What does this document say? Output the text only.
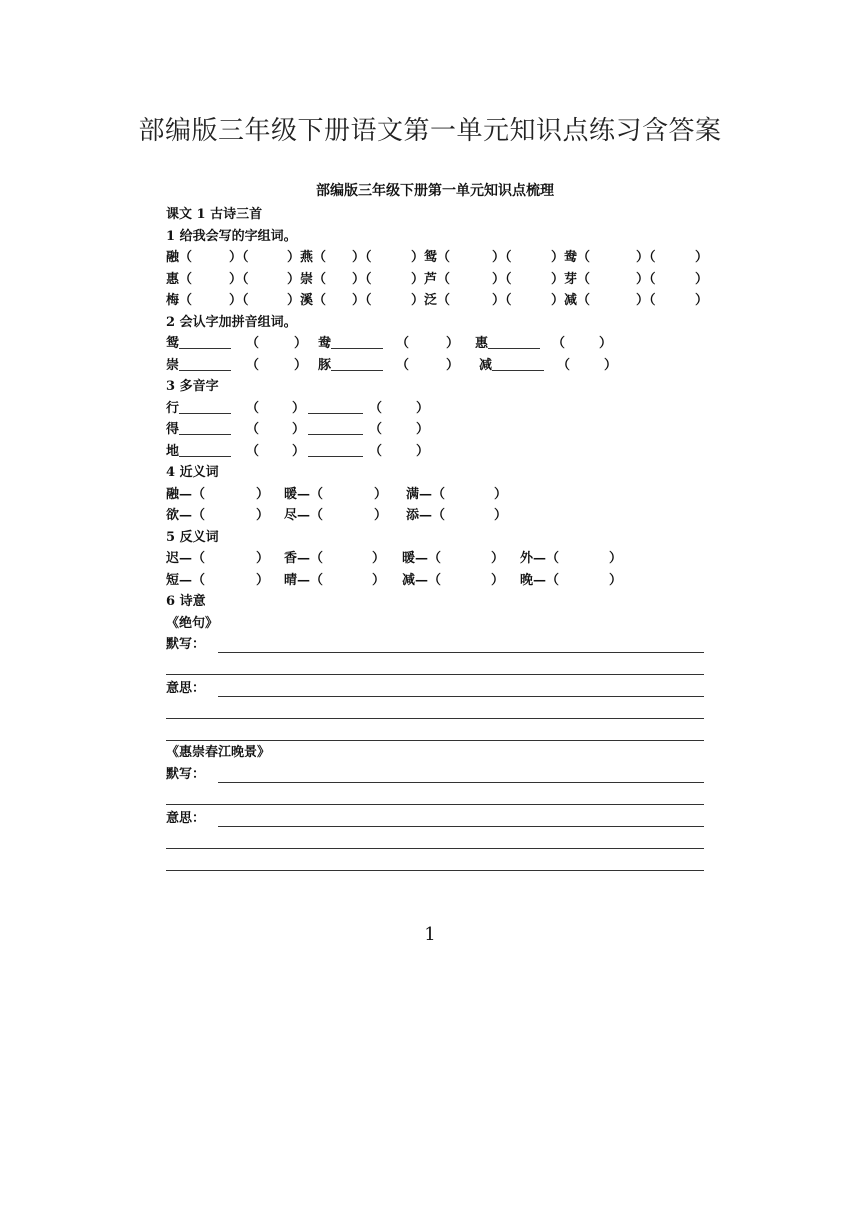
部编版三年级下册语文第一单元知识点练习含答案
部编版三年级下册第一单元知识点梳理
课文 1 古诗三首
1 给我会写的字组词。
融（	）（	）燕（ ）（	）鸳（	）（	）鸯（	）（	）
惠（	）（	）崇（ ）（	）芦（	）（	）芽（	）（	）
梅（	）（	）溪（ ）（	）泛（	）（	）减（	）（	）
2 会认字加拼音组词。
鸳	（	） 鸯	（	） 惠	（	）
崇	（	） 豚	（	） 减	（	）
3 多音字
行	（	）	（	）
得	（	）	（	）
地	（	）	（	）
4 近义词
融—（	） 暖—（	） 满—（	）
欲—（	） 尽—（	） 添—（	）
5 反义词
迟—（	） 香—（	） 暖—（	） 外—（	）
短—（	） 晴—（	） 减—（	） 晚—（	）
6 诗意
《绝句》
默写：
意思：
《惠崇春江晚景》
默写：
意思：
1
